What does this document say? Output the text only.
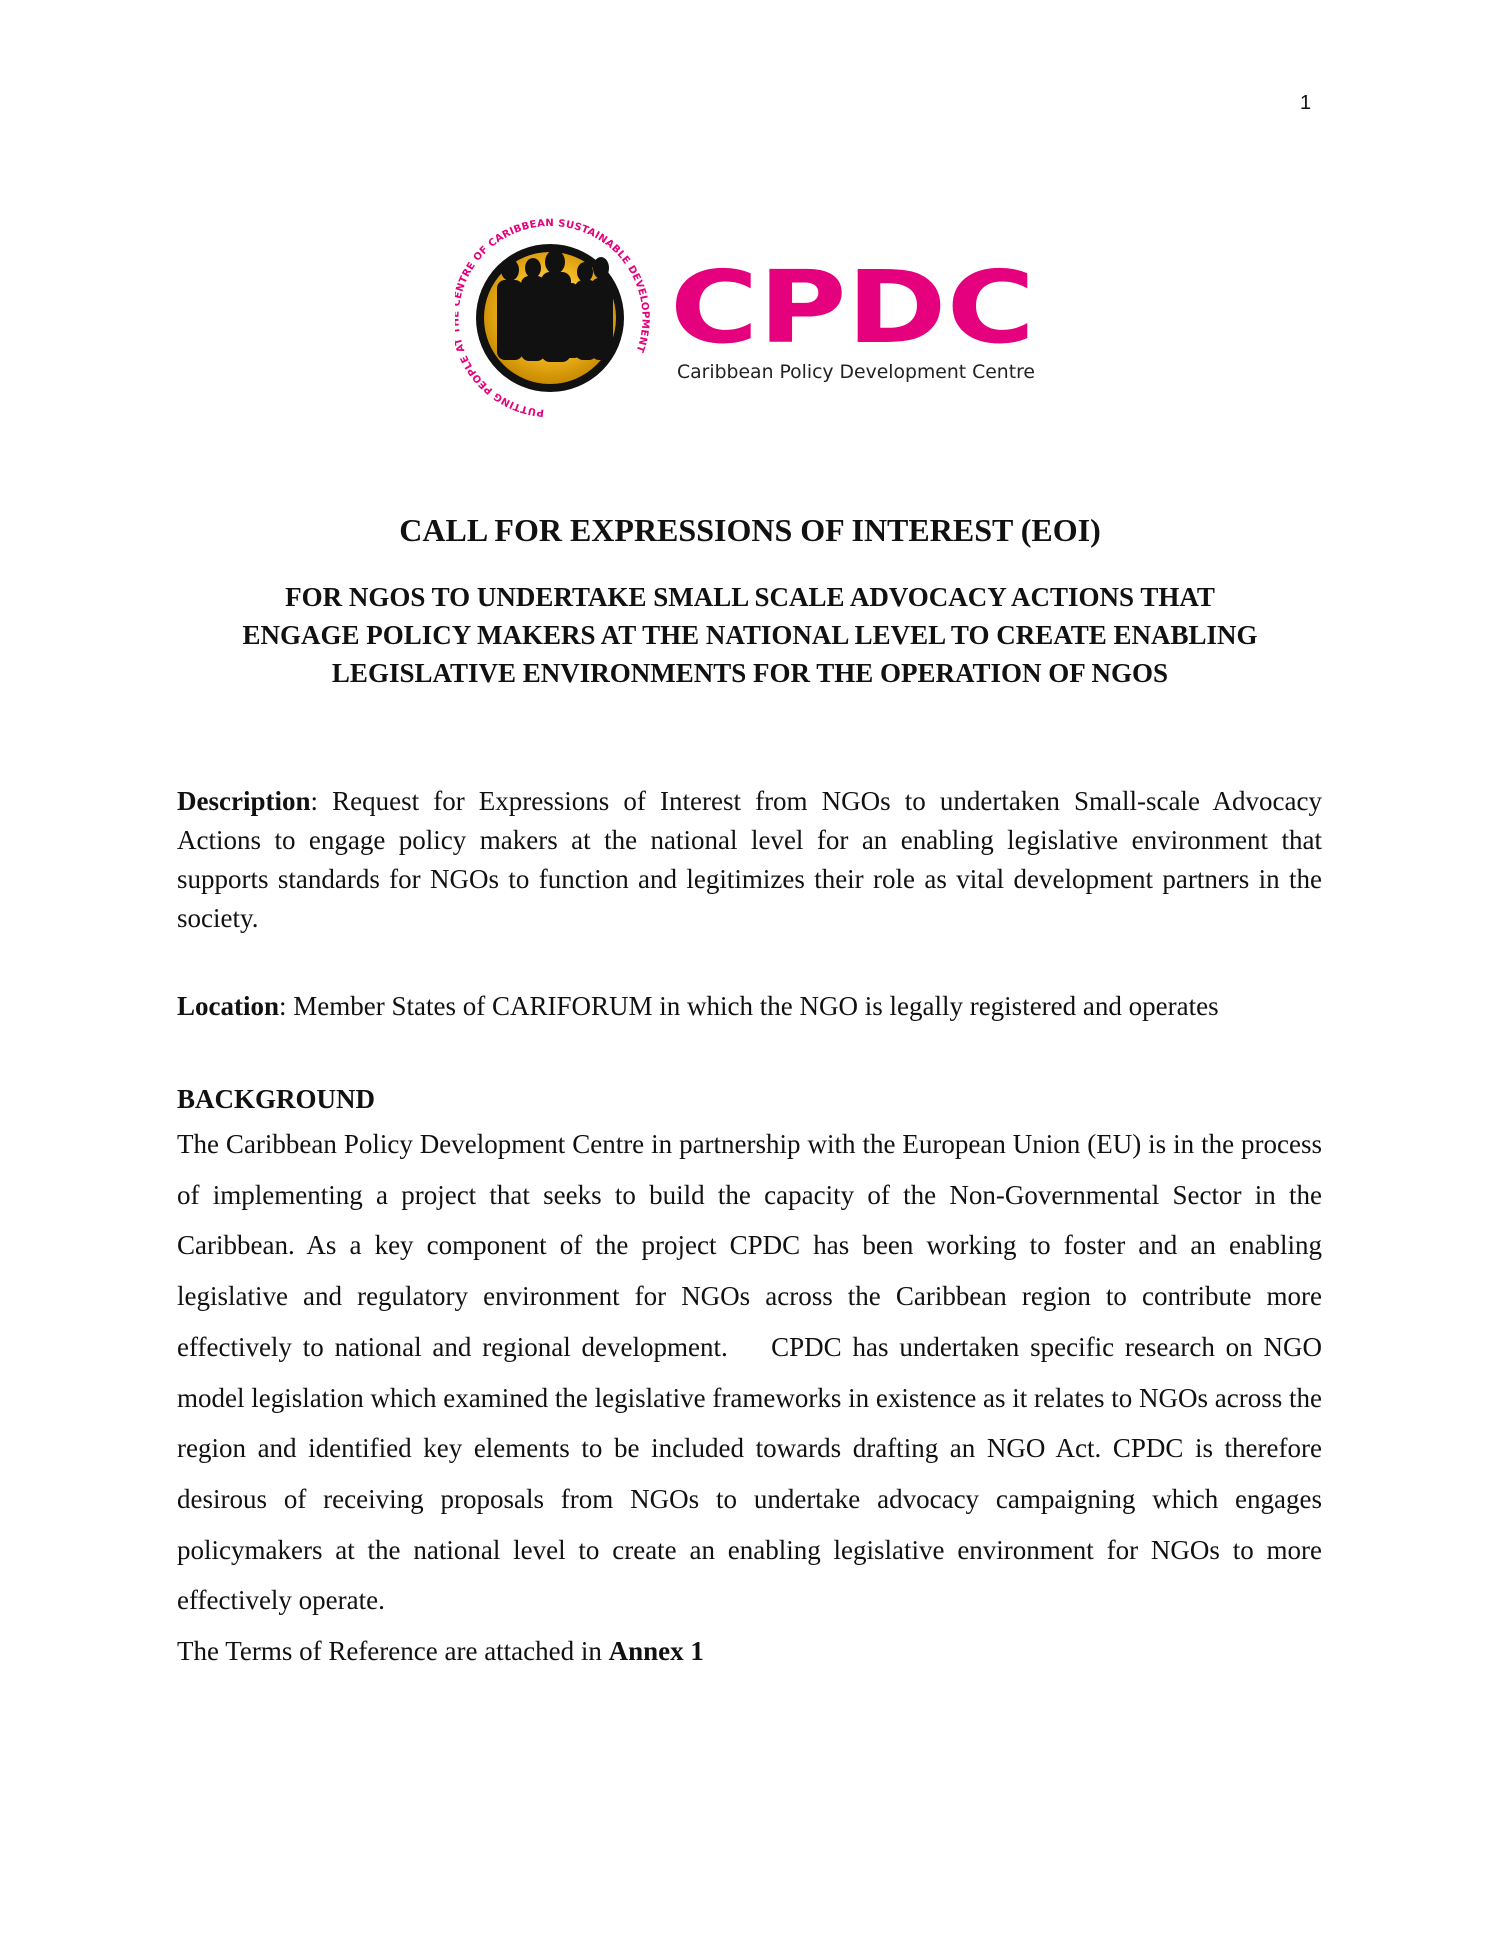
1
PUTTING PEOPLE A NTRE OF CARIBBEAN SUSTAINABLE DEVELOPMENT CPDC
Caribbean Policy Development Centre
CALL FOR EXPRESSIONS OF INTEREST (EOI)
FOR NGOS TO UNDERTAKE SMALL SCALE ADVOCACY ACTIONS THAT
ENGAGE POLICY MAKERS AT THE NATIONAL LEVEL TO CREATE ENABLING
LEGISLATIVE ENVIRONMENTS FOR THE OPERATION OF NGOS

Description: Request for Expressions of Interest from NGOs to undertaken Small-scale Advocacy Actions to engage policy makers at the national level for an enabling legislative environment that supports standards for NGOs to function and legitimizes their role as vital development partners in the society.

Location: Member States of CARIFORUM in which the NGO is legally registered and operates

BACKGROUND

The Caribbean Policy Development Centre in partnership with the European Union (EU) is in the process of implementing a project that seeks to build the capacity of the Non-Governmental Sector in the Caribbean. As a key component of the project CPDC has been working to foster and an enabling legislative and regulatory environment for NGOs across the Caribbean region to contribute more effectively to national and regional development.    CPDC has undertaken specific research on NGO model legislation which examined the legislative frameworks in existence as it relates to NGOs across the region and identified key elements to be included towards drafting an NGO Act. CPDC is therefore desirous of receiving proposals from NGOs to undertake advocacy campaigning which engages policymakers at the national level to create an enabling legislative environment for NGOs to more effectively operate.

The Terms of Reference are attached in Annex 1
